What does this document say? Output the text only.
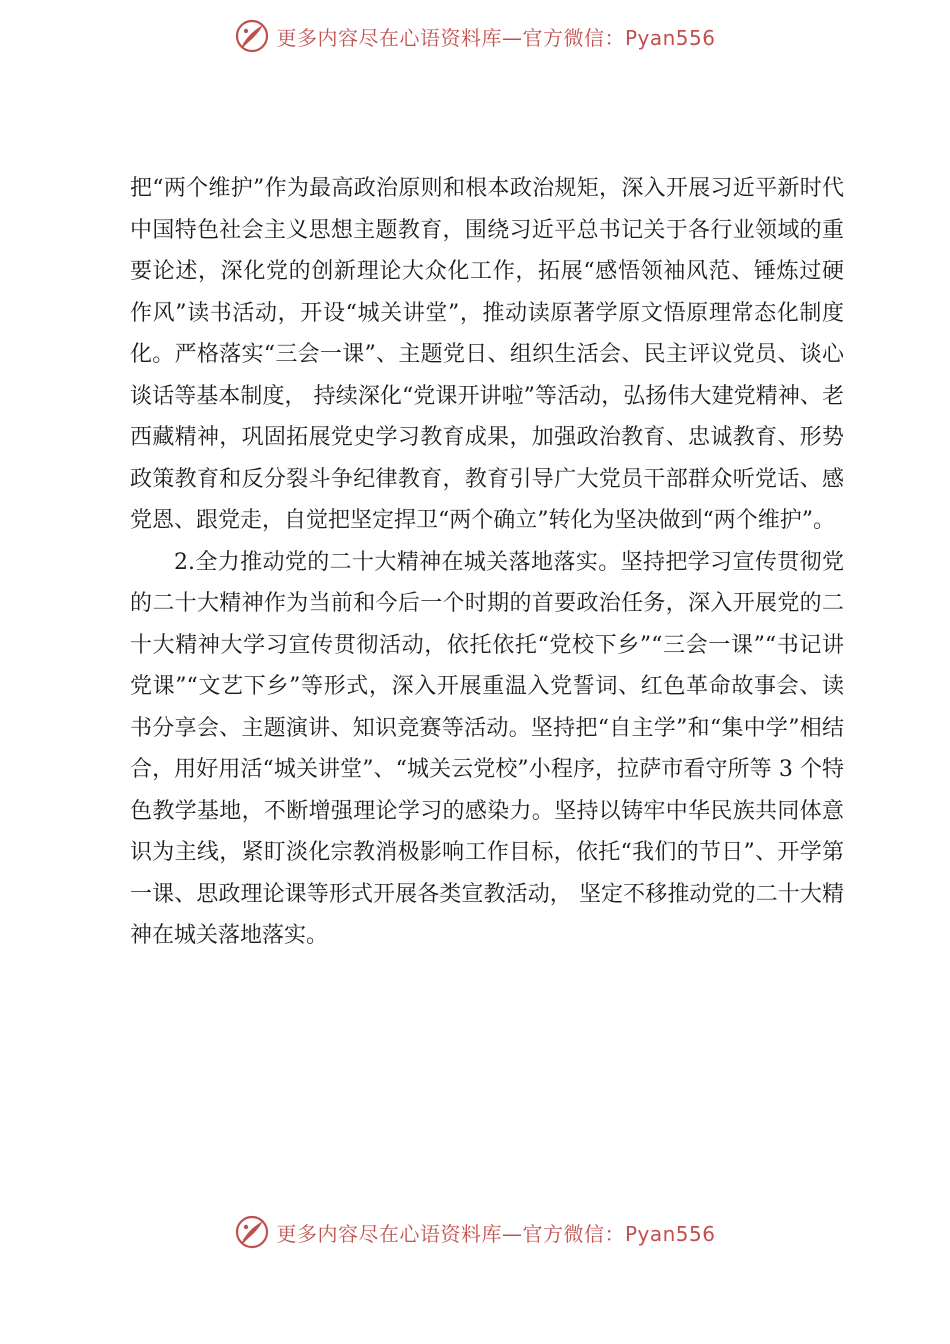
更多内容尽在心语资料库—官方微信：Pyan556

把“两个维护”作为最高政治原则和根本政治规矩，深入开展习近平新时代中国特色社会主义思想主题教育，围绕习近平总书记关于各行业领域的重要论述，深化党的创新理论大众化工作，拓展“感悟领袖风范、锤炼过硬作风”读书活动，开设“城关讲堂”，推动读原著学原文悟原理常态化制度化。严格落实“三会一课”、主题党日、组织生活会、民主评议党员、谈心谈话等基本制度， 持续深化“党课开讲啦”等活动，弘扬伟大建党精神、老西藏精神，巩固拓展党史学习教育成果，加强政治教育、忠诚教育、形势政策教育和反分裂斗争纪律教育，教育引导广大党员干部群众听党话、感党恩、跟党走，自觉把坚定捍卫“两个确立”转化为坚决做到“两个维护”。

2.全力推动党的二十大精神在城关落地落实。坚持把学习宣传贯彻党的二十大精神作为当前和今后一个时期的首要政治任务，深入开展党的二十大精神大学习宣传贯彻活动，依托依托“党校下乡”“三会一课”“书记讲党课”“文艺下乡”等形式，深入开展重温入党誓词、红色革命故事会、读书分享会、主题演讲、知识竞赛等活动。坚持把“自主学”和“集中学”相结合，用好用活“城关讲堂”、“城关云党校”小程序，拉萨市看守所等 3 个特色教学基地，不断增强理论学习的感染力。坚持以铸牢中华民族共同体意识为主线，紧盯淡化宗教消极影响工作目标，依托“我们的节日”、开学第一课、思政理论课等形式开展各类宣教活动， 坚定不移推动党的二十大精神在城关落地落实。

更多内容尽在心语资料库—官方微信：Pyan556
